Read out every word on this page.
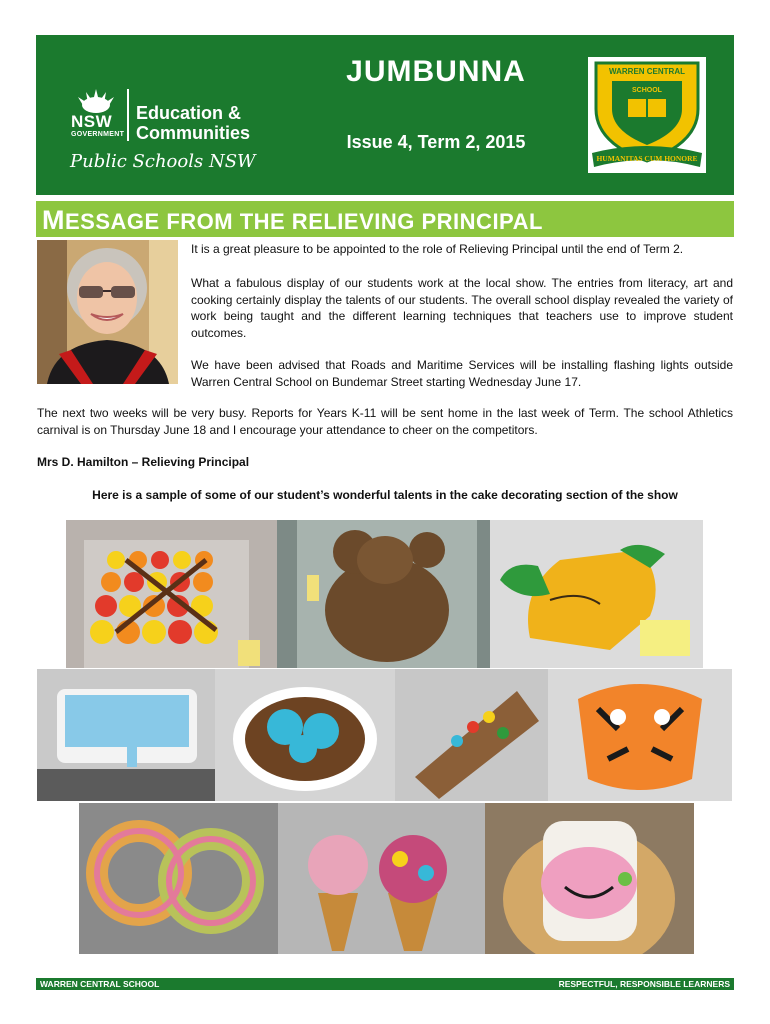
NSW
GOVERNMENT
Education &
Communities
Public Schools NSW
JUMBUNNA
Issue 4, Term 2, 2015
WARREN CENTRAL
SCHOOL
HUMANITAS CUM HONORE
MESSAGE FROM THE RELIEVING PRINCIPAL

It is a great pleasure to be appointed to the role of Relieving Principal until the end of Term 2.

What a fabulous display of our students work at the local show. The entries from literacy, art and cooking certainly display the talents of our students. The overall school display revealed the variety of work being taught and the different learning techniques that teachers use to improve student outcomes.

We have been advised that Roads and Maritime Services will be installing flashing lights outside Warren Central School on Bundemar Street starting Wednesday June 17.

The next two weeks will be very busy. Reports for Years K-11 will be sent home in the last week of Term. The school Athletics carnival is on Thursday June 18 and I encourage your attendance to cheer on the competitors.

Mrs D. Hamilton – Relieving Principal
Here is a sample of some of our student’s wonderful talents in the cake decorating section of the show
WARREN CENTRAL SCHOOL	RESPECTFUL, RESPONSIBLE LEARNERS
